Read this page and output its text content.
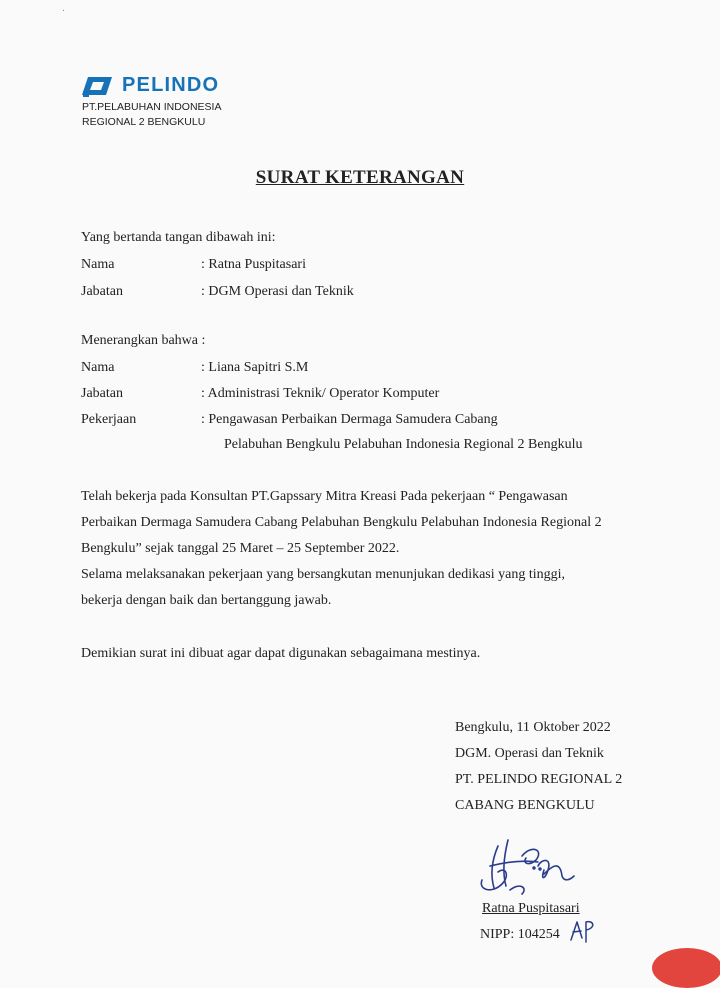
․
PELINDO
PT.PELABUHAN INDONESIA
REGIONAL 2 BENGKULU
SURAT KETERANGAN
Yang bertanda tangan dibawah ini:
Nama	: Ratna Puspitasari
Jabatan	: DGM Operasi dan Teknik
Menerangkan bahwa :
Nama	: Liana Sapitri S.M
Jabatan	: Administrasi Teknik/ Operator Komputer
Pekerjaan	: Pengawasan Perbaikan Dermaga Samudera Cabang
Pelabuhan Bengkulu Pelabuhan Indonesia Regional 2 Bengkulu
Telah bekerja pada Konsultan PT.Gapssary Mitra Kreasi Pada pekerjaan “ Pengawasan
Perbaikan Dermaga Samudera Cabang Pelabuhan Bengkulu Pelabuhan Indonesia Regional 2
Bengkulu” sejak tanggal 25 Maret – 25 September 2022.
Selama melaksanakan pekerjaan yang bersangkutan menunjukan dedikasi yang tinggi,
bekerja dengan baik dan bertanggung jawab.
Demikian surat ini dibuat agar dapat digunakan sebagaimana mestinya.
Bengkulu, 11 Oktober 2022
DGM. Operasi dan Teknik
PT. PELINDO REGIONAL 2
CABANG BENGKULU
Ratna Puspitasari
NIPP: 104254
